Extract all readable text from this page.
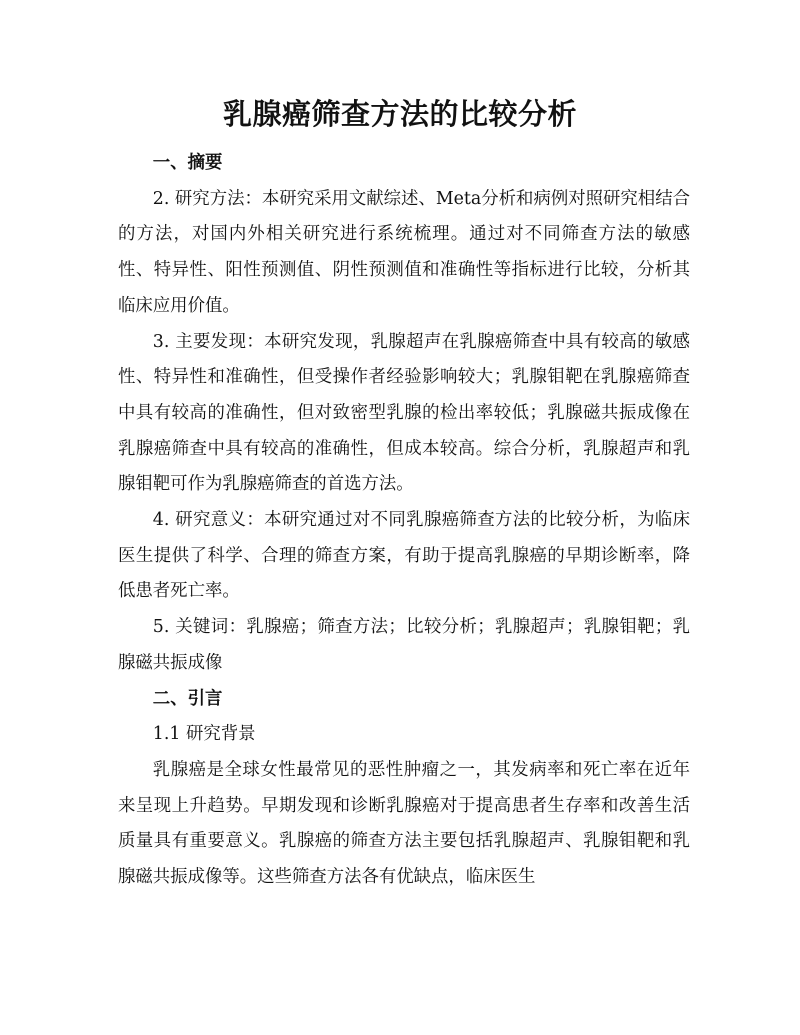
乳腺癌筛查方法的比较分析

一、摘要

2. 研究方法：本研究采用文献综述、Meta分析和病例对照研究相结合的方法，对国内外相关研究进行系统梳理。通过对不同筛查方法的敏感性、特异性、阳性预测值、阴性预测值和准确性等指标进行比较，分析其临床应用价值。

3. 主要发现：本研究发现，乳腺超声在乳腺癌筛查中具有较高的敏感性、特异性和准确性，但受操作者经验影响较大；乳腺钼靶在乳腺癌筛查中具有较高的准确性，但对致密型乳腺的检出率较低；乳腺磁共振成像在乳腺癌筛查中具有较高的准确性，但成本较高。综合分析，乳腺超声和乳腺钼靶可作为乳腺癌筛查的首选方法。

4. 研究意义：本研究通过对不同乳腺癌筛查方法的比较分析，为临床医生提供了科学、合理的筛查方案，有助于提高乳腺癌的早期诊断率，降低患者死亡率。

5. 关键词：乳腺癌；筛查方法；比较分析；乳腺超声；乳腺钼靶；乳腺磁共振成像

二、引言

1.1 研究背景

乳腺癌是全球女性最常见的恶性肿瘤之一，其发病率和死亡率在近年来呈现上升趋势。早期发现和诊断乳腺癌对于提高患者生存率和改善生活质量具有重要意义。乳腺癌的筛查方法主要包括乳腺超声、乳腺钼靶和乳腺磁共振成像等。这些筛查方法各有优缺点，临床医生
